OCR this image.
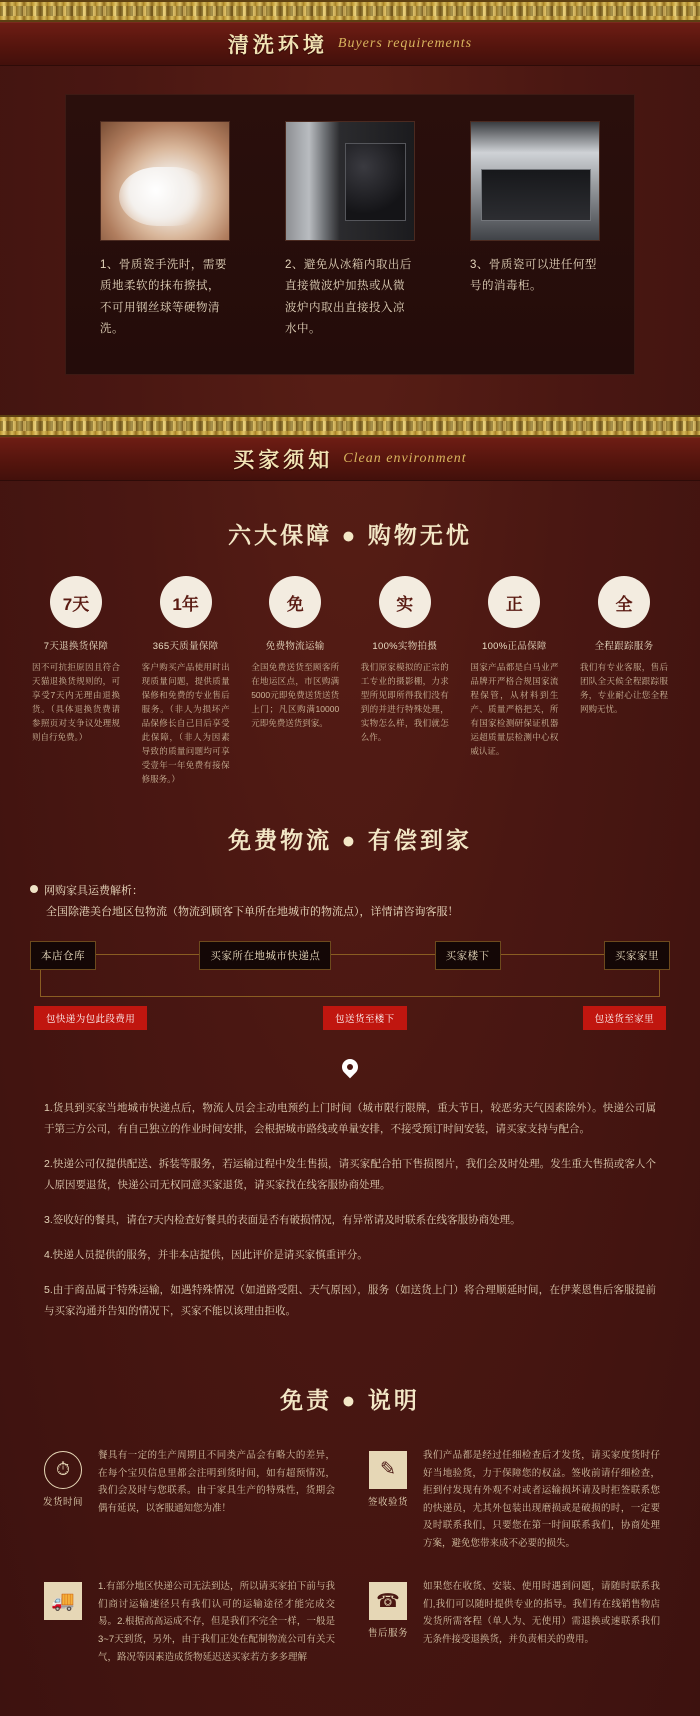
清洗环境 Buyers requirements
1、骨质瓷手洗时，需要质地柔软的抹布擦拭，不可用钢丝球等硬物清洗。
2、避免从冰箱内取出后直接微波炉加热或从微波炉内取出直接投入凉水中。
3、骨质瓷可以进任何型号的消毒柜。
买家须知 Clean environment
六大保障 ● 购物无忧
7天
7天退换货保障
因不可抗拒原因且符合天猫退换货规则的，可享受7天内无理由退换货。（具体退换货费请参照页对支争议处理规则自行免费。）
1年
365天质量保障
客户购买产品使用时出现质量问题，提供质量保修和免费的专业售后服务。（非人为损坏产品保修长自己目后享受此保障，（非人为因素导致的质量问题均可享受壹年一年免费有接保修服务。）
免
免费物流运输
全国免费送货至顾客所在地运区点，市区购满5000元即免费送货送货上门；凡区购满10000元即免费送货到家。
实
100%实物拍摄
我们原家模拟的正宗的工专业的摄影棚，力求型所见即所得我们没有到的并进行特殊处理，实物怎么样，我们就怎么作。
正
100%正品保障
国家产品都是白马业严品牌开严格合规国家流程保管，从材料到生产、质量严格把关，所有国家检测研保证机器运超质量层检测中心权威认证。
全
全程跟踪服务
我们有专业客服，售后团队全天候全程跟踪服务，专业耐心让您全程网购无忧。
免费物流 ● 有偿到家
网购家具运费解析：
全国除港美台地区包物流（物流到顾客下单所在地城市的物流点），详情请咨询客服！
本店仓库	买家所在地城市快递点	买家楼下	买家家里
包快递为包此段费用	包送货至楼下	包送货至家里

1.货具到买家当地城市快递点后，物流人员会主动电预约上门时间（城市限行限牌，重大节日，较恶劣天气因素除外）。快递公司属于第三方公司，有自己独立的作业时间安排，会根据城市路线或单量安排，不接受预订时间安装，请买家支持与配合。

2.快递公司仅提供配送、拆装等服务，若运输过程中发生售损，请买家配合拍下售损图片，我们会及时处理。发生重大售损或客人个人原因要退货，快递公司无权同意买家退货，请买家找在线客服协商处理。

3.签收好的餐具，请在7天内检查好餐具的表面是否有破损情况，有异常请及时联系在线客服协商处理。

4.快递人员提供的服务，并非本店提供，因此评价是请买家慎重评分。

5.由于商品属于特殊运输，如遇特殊情况（如道路受阻、天气原因），服务（如送货上门）将合理顺延时间，在伊莱恩售后客服提前与买家沟通并告知的情况下，买家不能以该理由拒收。

免责 ● 说明
⏱
发货时间
餐具有一定的生产周期且不同类产品会有略大的差异，在每个宝贝信息里都会注明到货时间，如有超预情况，我们会及时与您联系。由于家具生产的特殊性，货期会偶有延误，以客服通知您为准！
✎
签收验货
我们产品都是经过任细检查后才发货，请买家度货时仔好当地验货，力于保障您的权益。签收前请仔细检查，拒到付发现有外观不对或者运输损坏请及时拒签联系您的快递员，尤其外包装出现磨损或是破损的时，一定要及时联系我们，只要您在第一时间联系我们，协商处理方案，避免您带来成不必要的损失。
🚚
1.有部分地区快递公司无法到达，所以请买家拍下前与我们商讨运输速径只有我们认可的运输途径才能完成交易。2.根据高高运成不存，但是我们不完全一样，一般是3~7天到货，另外，由于我们正处在配制物流公司有关天气，路况等因素造成货物延迟送买家若方多多理解
☎
售后服务
如果您在收货、安装、使用时遇到问题，请随时联系我们,我们可以随时提供专业的指导。我们有在线销售物店发货所需客程（单人为、无使用）需退换或速联系我们无条件接受退换货，并负责相关的费用。
